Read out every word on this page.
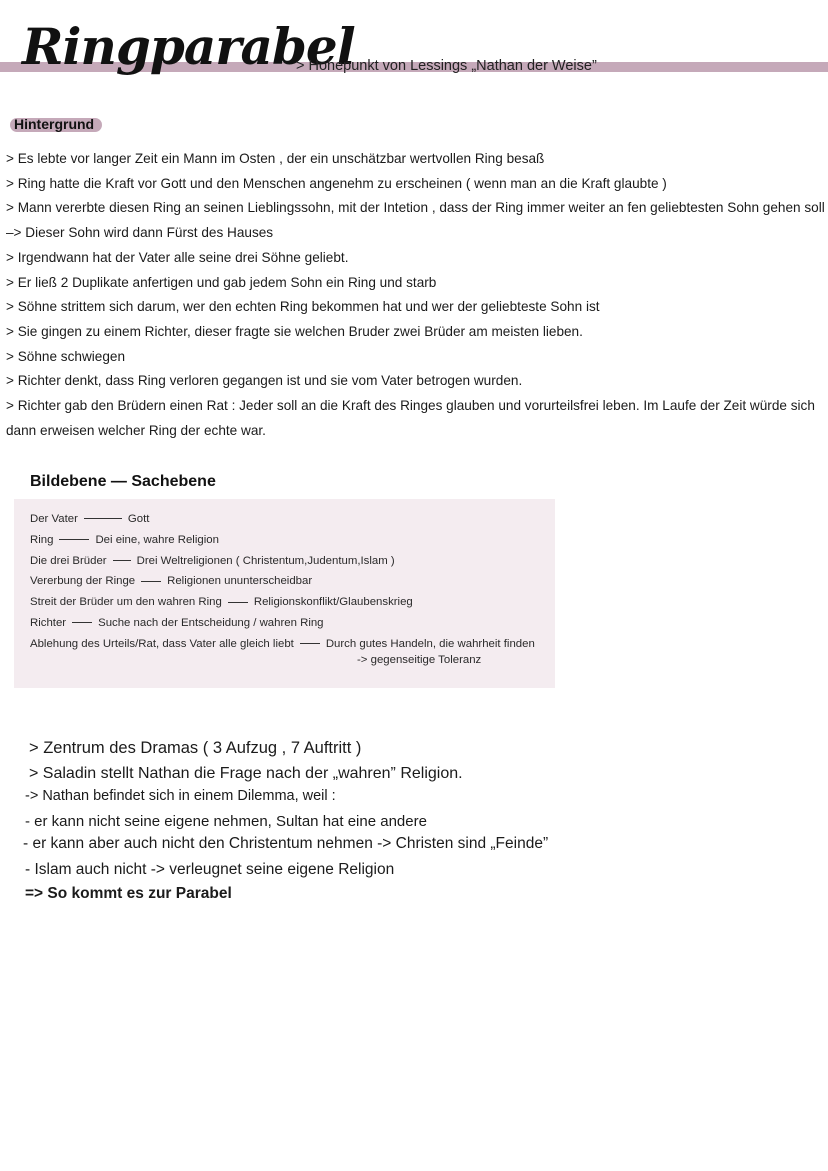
Ringparabel
> Hohepunkt von Lessings „Nathan der Weise”
Hintergrund
> Es lebte vor langer Zeit ein Mann im Osten , der ein unschätzbar wertvollen Ring besaß
> Ring hatte die Kraft vor Gott und den Menschen angenehm zu erscheinen ( wenn man an die Kraft glaubte )
> Mann vererbte diesen Ring an seinen Lieblingssohn, mit der Intetion , dass der Ring immer weiter an fen geliebtesten Sohn gehen soll
–> Dieser Sohn wird dann Fürst des Hauses
> Irgendwann hat der Vater alle seine drei Söhne geliebt.
> Er ließ 2 Duplikate anfertigen und gab jedem Sohn ein Ring und starb
> Söhne strittem sich darum, wer den echten Ring bekommen hat und wer der geliebteste Sohn ist
> Sie gingen zu einem Richter, dieser fragte sie welchen Bruder zwei Brüder am meisten lieben.
> Söhne schwiegen
> Richter denkt, dass Ring verloren gegangen ist und sie vom Vater betrogen wurden.
> Richter gab den Brüdern einen Rat : Jeder soll an die Kraft des Ringes glauben und vorurteilsfrei leben. Im Laufe der Zeit würde sich dann erweisen welcher Ring der echte war.
Bildebene — Sachebene
Der Vater	Gott
Ring	Dei eine, wahre Religion
Die drei Brüder	Drei Weltreligionen ( Christentum,Judentum,Islam )
Vererbung der Ringe	Religionen ununterscheidbar
Streit der Brüder um den wahren Ring	Religionskonflikt/Glaubenskrieg
Richter	Suche nach der Entscheidung / wahren Ring
Ablehung des Urteils/Rat, dass Vater alle gleich liebt	Durch gutes Handeln, die wahrheit finden
-> gegenseitige Toleranz
> Zentrum des Dramas ( 3 Aufzug , 7 Auftritt )
> Saladin stellt Nathan die Frage nach der „wahren” Religion.
-> Nathan befindet sich in einem Dilemma, weil :
- er kann nicht seine eigene nehmen, Sultan hat eine andere
- er kann aber auch nicht den Christentum nehmen -> Christen sind „Feinde”
- Islam auch nicht -> verleugnet seine eigene Religion
=> So kommt es zur Parabel
